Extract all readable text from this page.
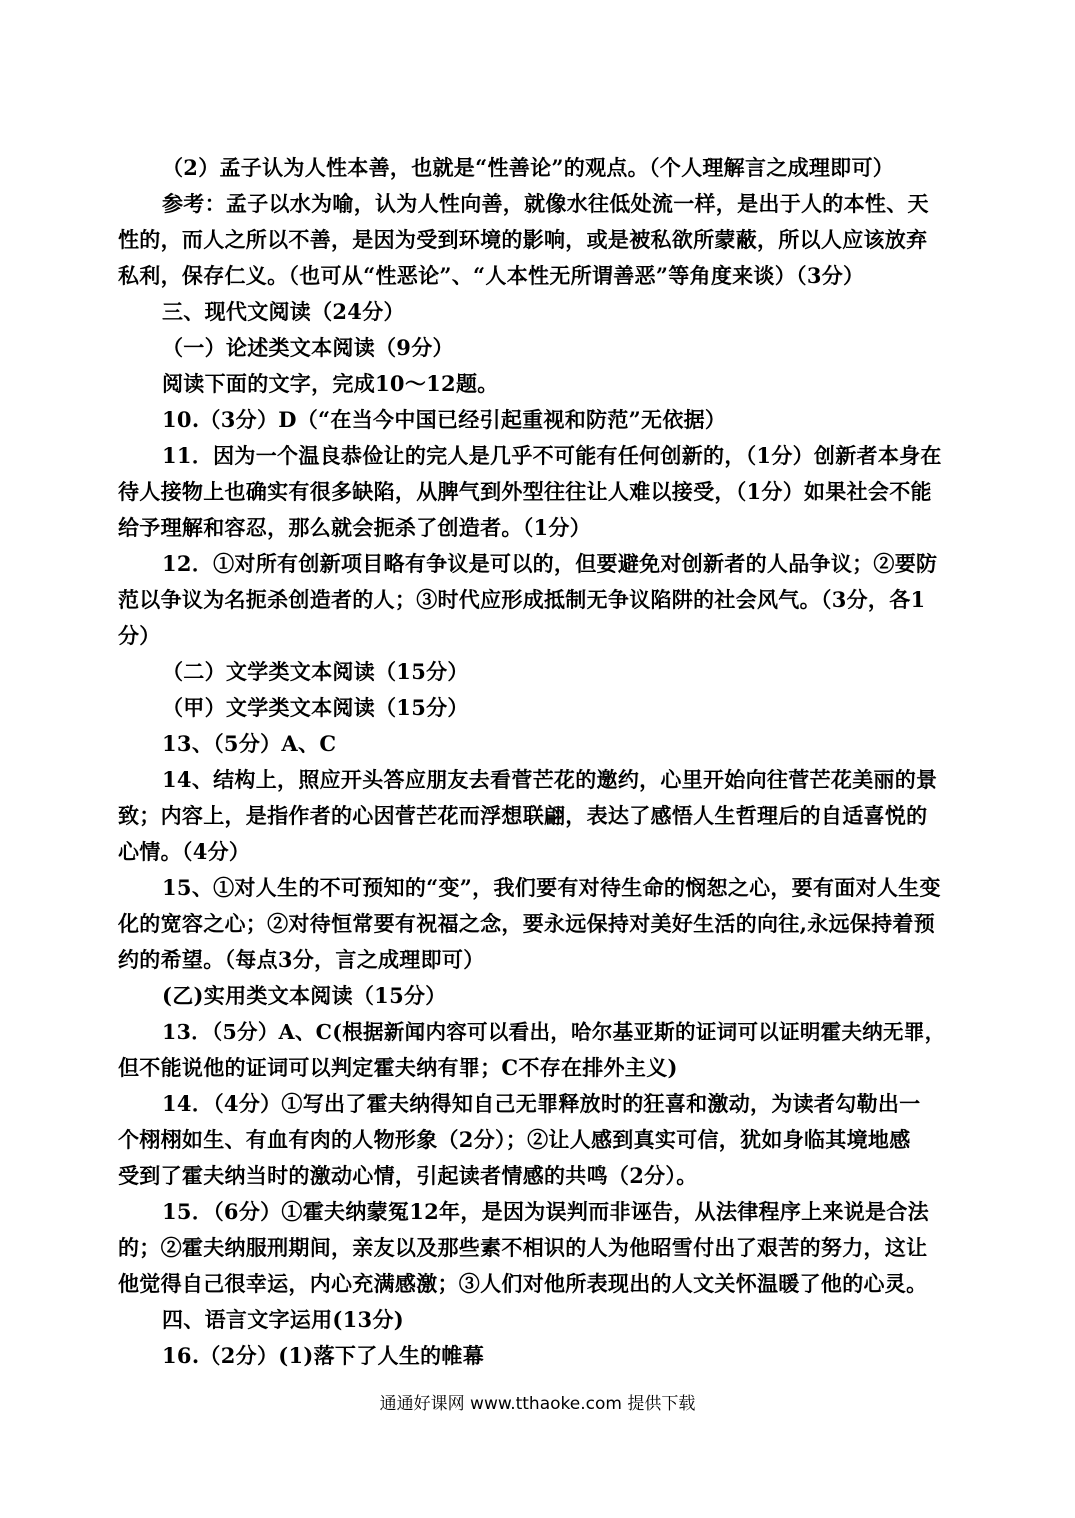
（2）孟子认为人性本善，也就是“性善论”的观点。（个人理解言之成理即可）
参考：孟子以水为喻，认为人性向善，就像水往低处流一样，是出于人的本性、天
性的，而人之所以不善，是因为受到环境的影响，或是被私欲所蒙蔽，所以人应该放弃
私利，保存仁义。（也可从“性恶论”、“人本性无所谓善恶”等角度来谈）（3分）
三、现代文阅读（24分）
（一）论述类文本阅读（9分）
阅读下面的文字，完成10～12题。
10.（3分）D（“在当今中国已经引起重视和防范”无依据）
11．因为一个温良恭俭让的完人是几乎不可能有任何创新的，（1分）创新者本身在
待人接物上也确实有很多缺陷，从脾气到外型往往让人难以接受，（1分）如果社会不能
给予理解和容忍，那么就会扼杀了创造者。（1分）
12．①对所有创新项目略有争议是可以的，但要避免对创新者的人品争议；②要防
范以争议为名扼杀创造者的人；③时代应形成抵制无争议陷阱的社会风气。（3分，各1
分）
（二）文学类文本阅读（15分）
（甲）文学类文本阅读（15分）
13、（5分）A、C
14、结构上，照应开头答应朋友去看菅芒花的邀约，心里开始向往菅芒花美丽的景
致；内容上，是指作者的心因菅芒花而浮想联翩，表达了感悟人生哲理后的自适喜悦的
心情。（4分）
15、①对人生的不可预知的“变”，我们要有对待生命的悯恕之心，要有面对人生变
化的宽容之心；②对待恒常要有祝福之念，要永远保持对美好生活的向往,永远保持着预
约的希望。（每点3分，言之成理即可）
(乙)实用类文本阅读（15分）
13．（5分）A、C(根据新闻内容可以看出，哈尔基亚斯的证词可以证明霍夫纳无罪，
但不能说他的证词可以判定霍夫纳有罪；C不存在排外主义)
14．（4分）①写出了霍夫纳得知自己无罪释放时的狂喜和激动，为读者勾勒出一
个栩栩如生、有血有肉的人物形象（2分）；②让人感到真实可信，犹如身临其境地感
受到了霍夫纳当时的激动心情，引起读者情感的共鸣（2分）。
15．（6分）①霍夫纳蒙冤12年，是因为误判而非诬告，从法律程序上来说是合法
的；②霍夫纳服刑期间，亲友以及那些素不相识的人为他昭雪付出了艰苦的努力，这让
他觉得自己很幸运，内心充满感激；③人们对他所表现出的人文关怀温暖了他的心灵。
四、语言文字运用(13分)
16.（2分）(1)落下了人生的帷幕
通通好课网 www.tthaoke.com 提供下载
